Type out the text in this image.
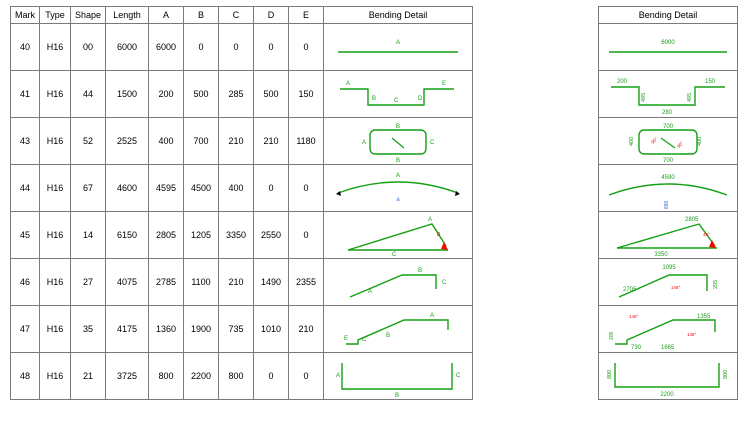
Mark	Type	Shape	Length	A	B	C	D	E	Bending Detail
40	H16	00	6000	6000	0	0	0	0	A

41	H16	44	1500	200	500	285	500	150	A E
B C D

43	H16	52	2525	400	700	210	210	1180	B
A C
B

44	H16	67	4600	4595	4500	400	0	0	A
a

45	H16	14	6150	2805	1205	3350	2550	0	A
B
C

46	H16	27	4075	2785	1100	210	1490	2355	A
B
C

47	H16	35	4175	1360	1900	735	1010	210	E C
B
A

48	H16	21	3725	800	2200	800	0	0	A C
B
Bending Detail

6000

200	150
495	495
280

700
400	400
700
90°	90°

4590
888

2805
3350
45°

1095
2705
205
148°

148°	1355
205
730	1665
148°

800	800
2200
